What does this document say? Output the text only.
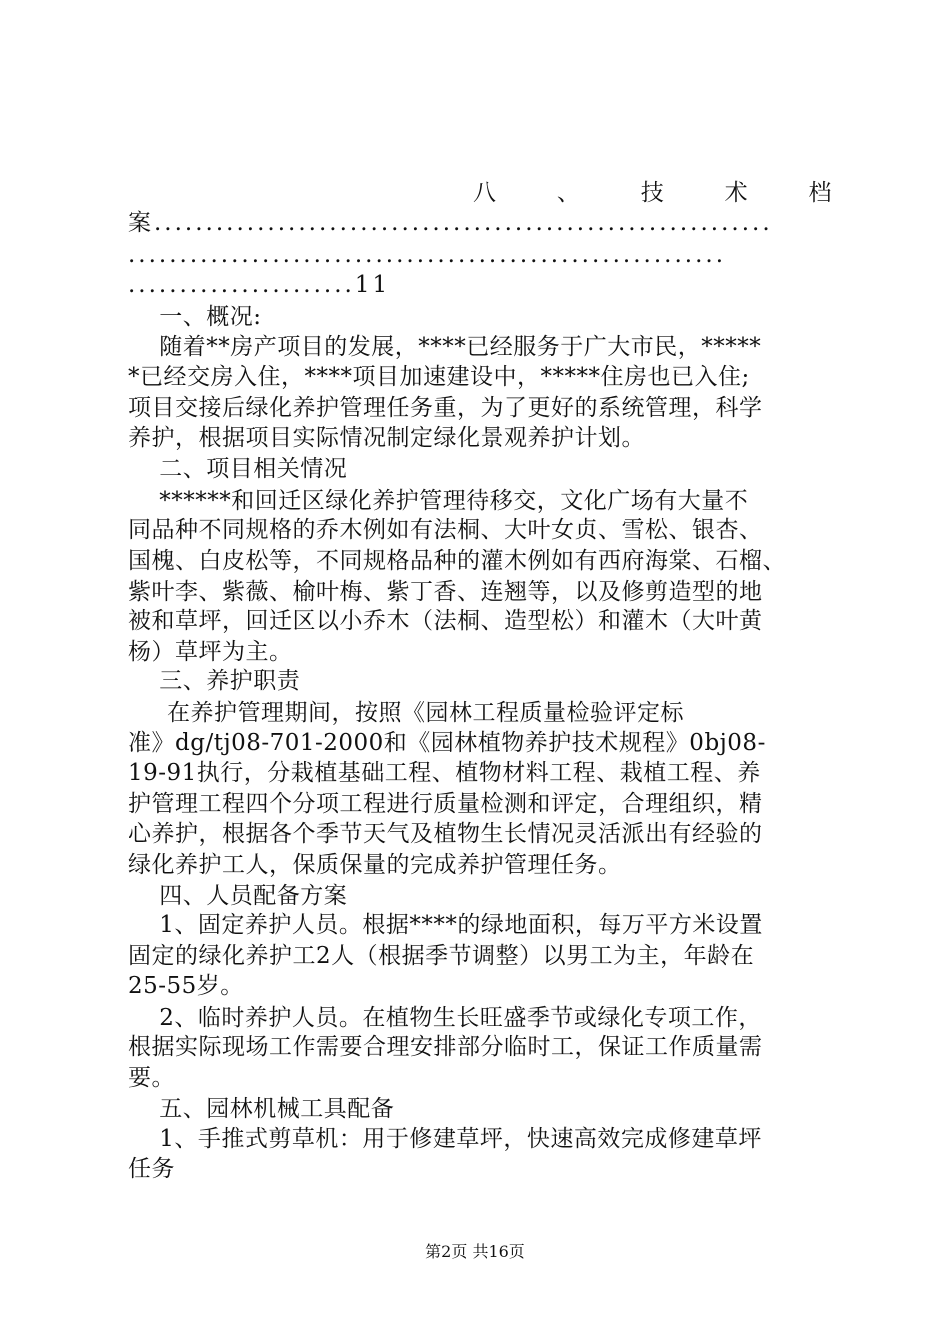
八	、	技	术	档
案............................................................
..........................................................
......................11
一、概况:
随着**房产项目的发展，****已经服务于广大市民，*****
*已经交房入住，****项目加速建设中，*****住房也已入住;
项目交接后绿化养护管理任务重，为了更好的系统管理，科学
养护，根据项目实际情况制定绿化景观养护计划。
二、项目相关情况
******和回迁区绿化养护管理待移交，文化广场有大量不
同品种不同规格的乔木例如有法桐、大叶女贞、雪松、银杏、
国槐、白皮松等，不同规格品种的灌木例如有西府海棠、石榴、
紫叶李、紫薇、榆叶梅、紫丁香、连翘等，以及修剪造型的地
被和草坪，回迁区以小乔木（法桐、造型松）和灌木（大叶黄
杨）草坪为主。
三、养护职责
在养护管理期间，按照《园林工程质量检验评定标
准》dg/tj08-701-2000和《园林植物养护技术规程》0bj08-
19-91执行，分栽植基础工程、植物材料工程、栽植工程、养
护管理工程四个分项工程进行质量检测和评定，合理组织，精
心养护，根据各个季节天气及植物生长情况灵活派出有经验的
绿化养护工人，保质保量的完成养护管理任务。
四、人员配备方案
1、固定养护人员。根据****的绿地面积，每万平方米设置
固定的绿化养护工2人（根据季节调整）以男工为主，年龄在
25-55岁。
2、临时养护人员。在植物生长旺盛季节或绿化专项工作，
根据实际现场工作需要合理安排部分临时工，保证工作质量需
要。
五、园林机械工具配备
1、手推式剪草机：用于修建草坪，快速高效完成修建草坪
任务
第2页 共16页
